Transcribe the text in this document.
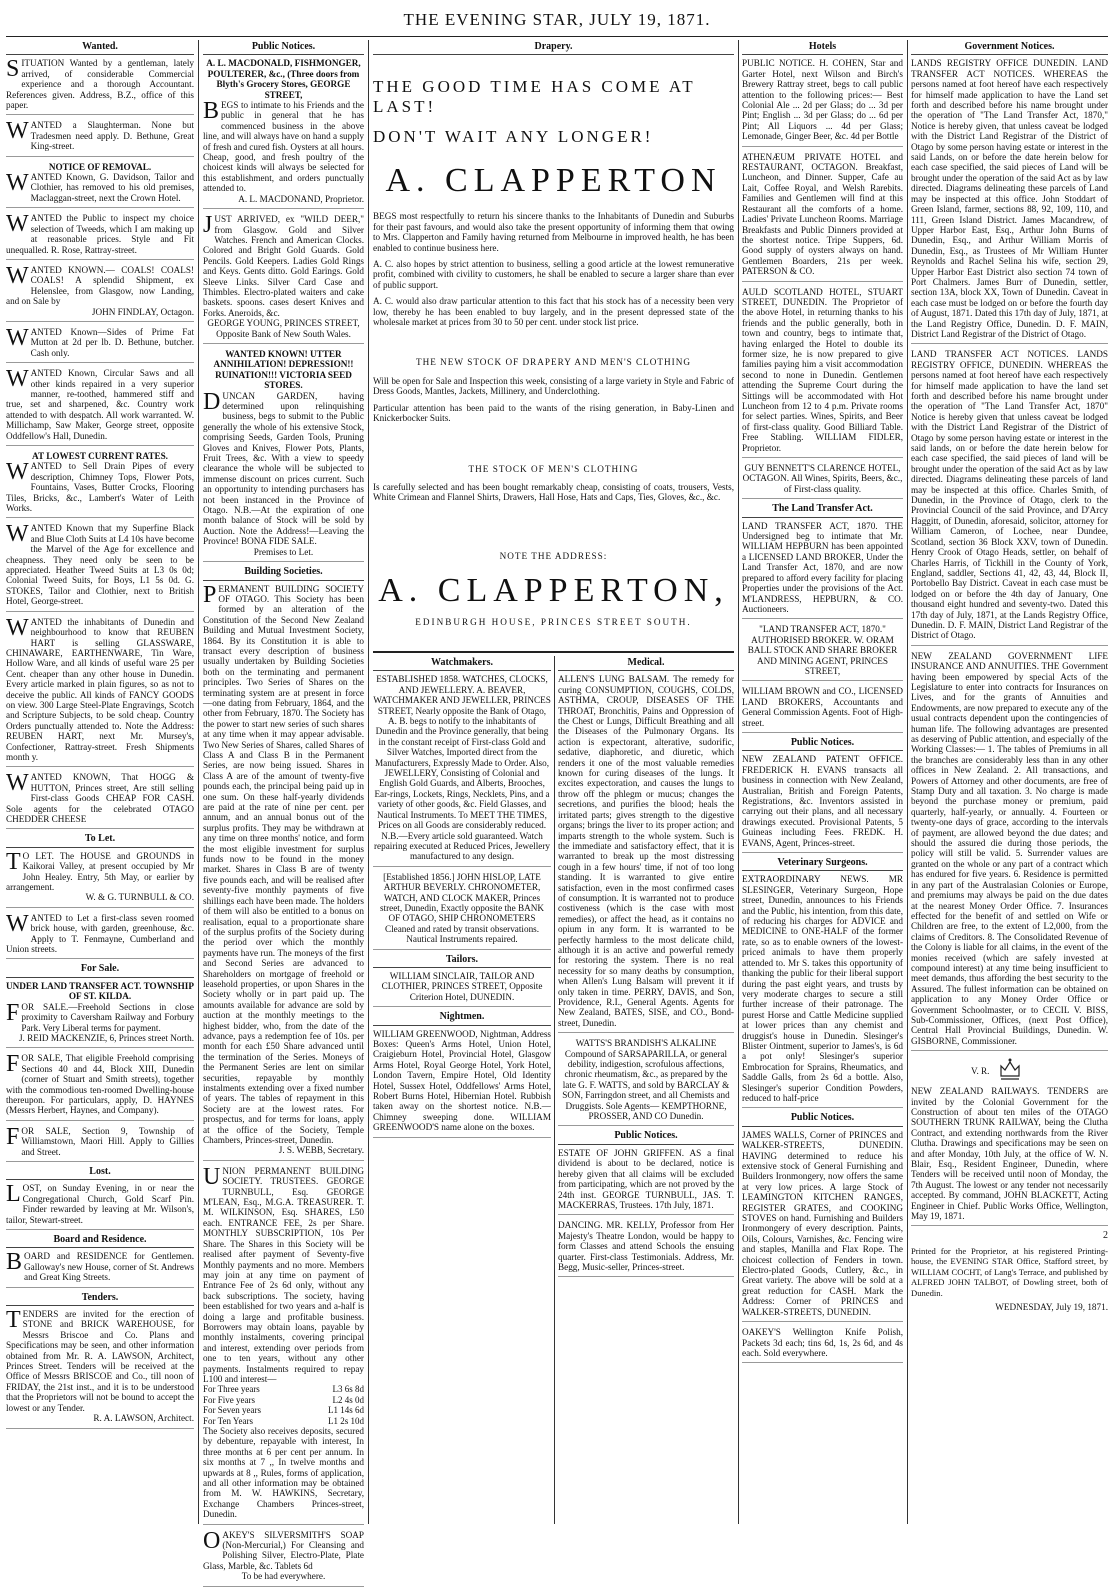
THE EVENING STAR, JULY 19, 1871.
Wanted.
SITUATION Wanted by a gentleman, lately arrived, of considerable Commercial experience and a thorough Accountant. References given. Address, B.Z., office of this paper.
WANTED a Slaughterman. None but Tradesmen need apply. D. Bethune, Great King-street.
NOTICE OF REMOVAL.
W ANTED Known, G. Davidson, Tailor and Clothier, has removed to his old premises, Maclaggan-street, next the Crown Hotel.
WANTED the Public to inspect my choice selection of Tweeds, which I am making up at reasonable prices. Style and Fit unequalled. R. Rose, Rattray-street.
WANTED KNOWN.— COALS! COALS! COALS! A splendid Shipment, ex Helenslee, from Glasgow, now Landing, and on Sale by
JOHN FINDLAY, Octagon.
WANTED Known—Sides of Prime Fat Mutton at 2d per lb. D. Bethune, butcher. Cash only.
WANTED Known, Circular Saws and all other kinds repaired in a very superior manner, re-toothed, hammered stiff and true, set and sharpened, &c. Country work attended to with despatch. All work warranted. W. Millichamp, Saw Maker, George street, opposite Oddfellow's Hall, Dunedin.
AT LOWEST CURRENT RATES.
W ANTED to Sell Drain Pipes of every description, Chimney Tops, Flower Pots, Fountains, Vases, Butter Crocks, Flooring Tiles, Bricks, &c., Lambert's Water of Leith Works.
WANTED Known that my Superfine Black and Blue Cloth Suits at L4 10s have become the Marvel of the Age for excellence and cheapness. They need only be seen to be appreciated. Heather Tweed Suits at L3 0s 0d; Colonial Tweed Suits, for Boys, L1 5s 0d. G. STOKES, Tailor and Clothier, next to British Hotel, George-street.
WANTED the inhabitants of Dunedin and neighbourhood to know that REUBEN HART is selling GLASSWARE, CHINAWARE, EARTHENWARE, Tin Ware, Hollow Ware, and all kinds of useful ware 25 per Cent. cheaper than any other house in Dunedin. Every article marked in plain figures, so as not to deceive the public. All kinds of FANCY GOODS on view. 300 Large Steel-Plate Engravings, Scotch and Scripture Subjects, to be sold cheap. Country Orders punctually attended to. Note the Address: REUBEN HART, next Mr. Mursey's, Confectioner, Rattray-street. Fresh Shipments month y.
WANTED KNOWN, That HOGG & HUTTON, Princes street, Are still selling First-class Goods CHEAP FOR CASH. Sole agents for the celebrated OTAGO CHEDDER CHEESE
To Let.
T O LET. The HOUSE and GROUNDS in Kaikorai Valley, at present occupied by Mr John Healey. Entry, 5th May, or earlier by arrangement.
W. & G. TURNBULL & CO.
WANTED to Let a first-class seven roomed brick house, with garden, greenhouse, &c. Apply to T. Fenmayne, Cumberland and Union streets.
For Sale.
UNDER LAND TRANSFER ACT. TOWNSHIP OF ST. KILDA.
F OR SALE.—Freehold Sections in close proximity to Caversham Railway and Forbury Park. Very Liberal terms for payment.
J. REID MACKENZIE, 6, Princes street North.
FOR SALE, That eligible Freehold comprising Sections 40 and 44, Block XIII, Dunedin (corner of Stuart and Smith streets), together with the commodious ten-roomed Dwelling-house thereupon. For particulars, apply, D. HAYNES (Messrs Herbert, Haynes, and Company).
FOR SALE, Section 9, Township of Williamstown, Maori Hill. Apply to Gillies and Street.
Lost.
LOST, on Sunday Evening, in or near the Congregational Church, Gold Scarf Pin. Finder rewarded by leaving at Mr. Wilson's, tailor, Stewart-street.
Board and Residence.
BOARD and RESIDENCE for Gentlemen. Galloway's new House, corner of St. Andrews and Great King Streets.
Tenders.
TENDERS are invited for the erection of STONE and BRICK WAREHOUSE, for Messrs Briscoe and Co. Plans and Specifications may be seen, and other information obtained from Mr. R. A. LAWSON, Architect, Princes Street. Tenders will be received at the Office of Messrs BRISCOE and Co., till noon of FRIDAY, the 21st inst., and it is to be understood that the Proprietors will not be bound to accept the lowest or any Tender.
R. A. LAWSON, Architect.
Public Notices.
A. L. MACDONALD, FISHMONGER, POULTERER, &c., (Three doors from Blyth's Grocery Stores, GEORGE STREET,
B EGS to intimate to his Friends and the public in general that he has commenced business in the above line, and will always have on hand a supply of fresh and cured fish. Oysters at all hours. Cheap, good, and fresh poultry of the choicest kinds will always be selected for this establishment, and orders punctually attended to.
A. L. MACDONAND, Proprietor.
JUST ARRIVED, ex "WILD DEER," from Glasgow. Gold and Silver Watches. French and American Clocks. Colored and Bright Gold Guards. Gold Pencils. Gold Keepers. Ladies Gold Rings and Keys. Gents ditto. Gold Earings. Gold Sleeve Links. Silver Card Case and Thimbles. Electro-plated waiters and cake baskets. spoons. cases desert Knives and Forks. Aneroids, &c.
GEORGE YOUNG, PRINCES STREET, Opposite Bank of New South Wales.
WANTED KNOWN! UTTER ANNIHILATION! DEPRESSION!! RUINATION!!! VICTORIA SEED STORES.
D UNCAN GARDEN, having determined upon relinquishing business, begs to submit to the Public generally the whole of his extensive Stock, comprising Seeds, Garden Tools, Pruning Gloves and Knives, Flower Pots, Plants, Fruit Trees, &c. With a view to speedy clearance the whole will be subjected to immense discount on prices current. Such an opportunity to intending purchasers has not been instanced in the Province of Otago. N.B.—At the expiration of one month balance of Stock will be sold by Auction. Note the Address!—Leaving the Province! BONA FIDE SALE.
Premises to Let.
Building Societies.
PERMANENT BUILDING SOCIETY OF OTAGO. This Society has been formed by an alteration of the Constitution of the Second New Zealand Building and Mutual Investment Society, 1864. By its Constitution it is able to transact every description of business usually undertaken by Building Societies both on the terminating and permanent principles. Two Series of Shares on the terminating system are at present in force—one dating from February, 1864, and the other from February, 1870. The Society has the power to start new series of such shares at any time when it may appear advisable. Two New Series of Shares, called Shares of Class A and Class B in the Permanent Series, are now being issued. Shares in Class A are of the amount of twenty-five pounds each, the principal being paid up in one sum. On these half-yearly dividends are paid at the rate of nine per cent. per annum, and an annual bonus out of the surplus profits. They may be withdrawn at any time on three months' notice, and form the most eligible investment for surplus funds now to be found in the money market. Shares in Class B are of twenty five pounds each, and will be realised after seventy-five monthly payments of five shillings each have been made. The holders of them will also be entitled to a bonus on realisation, equal to a proportionate share of the surplus profits of the Society during the period over which the monthly payments have run. The moneys of the first and Second Series are advanced to Shareholders on mortgage of freehold or leasehold properties, or upon Shares in the Society wholly or in part paid up. The amounts available for advance are sold by auction at the monthly meetings to the highest bidder, who, from the date of the advance, pays a redemption fee of 10s. per month for each £50 Share advanced until the termination of the Series. Moneys of the Permanent Series are lent on similar securities, repayable by monthly instalments extending over a fixed number of years. The tables of repayment in this Society are at the lowest rates. For prospectus, and for terms for loans, apply at the office of the Society, Temple Chambers, Princes-street, Dunedin.
J. S. WEBB, Secretary.
UNION PERMANENT BUILDING SOCIETY. TRUSTEES. GEORGE TURNBULL, Esq. GEORGE M'LEAN, Esq., M.G.A. TREASURER. T. M. WILKINSON, Esq. SHARES, L50 each. ENTRANCE FEE, 2s per Share. MONTHLY SUBSCRIPTION, 10s Per Share. The Shares in this Society will be realised after payment of Seventy-five Monthly payments and no more. Members may join at any time on payment of Entrance Fee of 2s 6d only, without any back subscriptions. The society, having been established for two years and a-half is doing a large and profitable business. Borrowers may obtain loans, payable by monthly instalments, covering principal and interest, extending over periods from one to ten years, without any other payments. Instalments required to repay L100 and interest—
For Three years	L3 6s 8d
For Five years	L2 4s 0d
For Seven years	L1 14s 6d
For Ten Years	L1 2s 10d
The Society also receives deposits, secured by debenture, repayable with interest, In three months at 6 per cent per annum. In six months at 7 ,, In twelve months and upwards at 8 ,, Rules, forms of application, and all other information may be obtained from M. W. HAWKINS, Secretary, Exchange Chambers Princes-street, Dunedin.
OAKEY'S SILVERSMITH'S SOAP (Non-Mercurial,) For Cleansing and Polishing Silver, Electro-Plate, Plate Glass, Marble, &c. Tablets 6d
To be had everywhere.
Drapery.
THE GOOD TIME HAS COME AT LAST!
DON'T WAIT ANY LONGER!
A. CLAPPERTON

BEGS most respectfully to return his sincere thanks to the Inhabitants of Dunedin and Suburbs for their past favours, and would also take the present opportunity of informing them that owing to Mrs. Clapperton and Family having returned from Melbourne in improved health, he has been enabled to continue business here.

A. C. also hopes by strict attention to business, selling a good article at the lowest remunerative profit, combined with civility to customers, he shall be enabled to secure a larger share than ever of public support.

A. C. would also draw particular attention to this fact that his stock has of a necessity been very low, thereby he has been enabled to buy largely, and in the present depressed state of the wholesale market at prices from 30 to 50 per cent. under stock list price.

THE NEW STOCK OF DRAPERY AND MEN'S CLOTHING

Will be open for Sale and Inspection this week, consisting of a large variety in Style and Fabric of Dress Goods, Mantles, Jackets, Millinery, and Underclothing.

Particular attention has been paid to the wants of the rising generation, in Baby-Linen and Knickerbocker Suits.

THE STOCK OF MEN'S CLOTHING

Is carefully selected and has been bought remarkably cheap, consisting of coats, trousers, Vests, White Crimean and Flannel Shirts, Drawers, Hall Hose, Hats and Caps, Ties, Gloves, &c., &c.

NOTE THE ADDRESS:
A. CLAPPERTON,
EDINBURGH HOUSE, PRINCES STREET SOUTH.
Watchmakers.
ESTABLISHED 1858. WATCHES, CLOCKS, AND JEWELLERY. A. BEAVER, WATCHMAKER AND JEWELLER, PRINCES STREET, Nearly opposite the Bank of Otago, A. B. begs to notify to the inhabitants of Dunedin and the Province generally, that being in the constant receipt of First-class Gold and Silver Watches, Imported direct from the Manufacturers, Expressly Made to Order. Also, JEWELLERY, Consisting of Colonial and English Gold Guards, and Alberts, Brooches, Ear-rings, Lockets, Rings, Necklets, Pins, and a variety of other goods, &c. Field Glasses, and Nautical Instruments. To MEET THE TIMES, Prices on all Goods are considerably reduced. N.B.—Every article sold guaranteed. Watch repairing executed at Reduced Prices, Jewellery manufactured to any design.
[Established 1856.] JOHN HISLOP, LATE ARTHUR BEVERLY. CHRONOMETER, WATCH, AND CLOCK MAKER, Princes street, Dunedin, Exactly opposite the BANK OF OTAGO, SHIP CHRONOMETERS Cleaned and rated by transit observations. Nautical Instruments repaired.
Tailors.
WILLIAM SINCLAIR, TAILOR AND CLOTHIER, PRINCES STREET, Opposite Criterion Hotel, DUNEDIN.
Nightmen.
WILLIAM GREENWOOD, Nightman, Address Boxes: Queen's Arms Hotel, Union Hotel, Craigieburn Hotel, Provincial Hotel, Glasgow Arms Hotel, Royal George Hotel, York Hotel, London Tavern, Empire Hotel, Old Identity Hotel, Sussex Hotel, Oddfellows' Arms Hotel, Robert Burns Hotel, Hibernian Hotel. Rubbish taken away on the shortest notice. N.B.—Chimney sweeping done. WILLIAM GREENWOOD'S name alone on the boxes.
Medical.
ALLEN'S LUNG BALSAM. The remedy for curing CONSUMPTION, COUGHS, COLDS, ASTHMA, CROUP, DISEASES OF THE THROAT, Bronchitis, Pains and Oppression of the Chest or Lungs, Difficult Breathing and all the Diseases of the Pulmonary Organs. Its action is expectorant, alterative, sudorific, sedative, diaphoretic, and diuretic, which renders it one of the most valuable remedies known for curing diseases of the lungs. It excites expectoration, and causes the lungs to throw off the phlegm or mucus; changes the secretions, and purifies the blood; heals the irritated parts; gives strength to the digestive organs; brings the liver to its proper action; and imparts strength to the whole system. Such is the immediate and satisfactory effect, that it is warranted to break up the most distressing cough in a few hours' time, if not of too long standing. It is warranted to give entire satisfaction, even in the most confirmed cases of consumption. It is warranted not to produce costiveness (which is the case with most remedies), or affect the head, as it contains no opium in any form. It is warranted to be perfectly harmless to the most delicate child, although it is an active and powerful remedy for restoring the system. There is no real necessity for so many deaths by consumption, when Allen's Lung Balsam will prevent it if only taken in time. PERRY, DAVIS, and Son, Providence, R.I., General Agents. Agents for New Zealand, BATES, SISE, and CO., Bond-street, Dunedin.
WATTS'S BRANDISH'S ALKALINE Compound of SARSAPARILLA, or general debility, indigestion, scrofulous affections, chronic rheumatism, &c., as prepared by the late G. F. WATTS, and sold by BARCLAY & SON, Farringdon street, and all Chemists and Druggists. Sole Agents— KEMPTHORNE, PROSSER, AND CO Dunedin.
Public Notices.
ESTATE OF JOHN GRIFFEN. AS a final dividend is about to be declared, notice is hereby given that all claims will be excluded from participating, which are not proved by the 24th inst. GEORGE TURNBULL, JAS. T. MACKERRAS, Trustees. 17th July, 1871.
DANCING. MR. KELLY, Professor from Her Majesty's Theatre London, would be happy to form Classes and attend Schools the ensuing quarter. First-class Testimonials. Address, Mr. Begg, Music-seller, Princes-street.
Hotels
PUBLIC NOTICE. H. COHEN, Star and Garter Hotel, next Wilson and Birch's Brewery Rattray street, begs to call public attention to the following prices:— Best Colonial Ale ... 2d per Glass; do ... 3d per Pint; English ... 3d per Glass; do ... 6d per Pint; All Liquors ... 4d per Glass; Lemonade, Ginger Beer, &c. 4d per Bottle
ATHENÆUM PRIVATE HOTEL and RESTAURANT, OCTAGON. Breakfast, Luncheon, and Dinner. Supper, Cafe au Lait, Coffee Royal, and Welsh Rarebits. Families and Gentlemen will find at this Restaurant all the comforts of a home. Ladies' Private Luncheon Rooms. Marriage Breakfasts and Public Dinners provided at the shortest notice. Tripe Suppers, 6d. Good supply of oysters always on hand. Gentlemen Boarders, 21s per week. PATERSON & CO.
AULD SCOTLAND HOTEL, STUART STREET, DUNEDIN. The Proprietor of the above Hotel, in returning thanks to his friends and the public generally, both in town and country, begs to intimate that, having enlarged the Hotel to double its former size, he is now prepared to give families paying him a visit accommodation second to none in Dunedin. Gentlemen attending the Supreme Court during the Sittings will be accommodated with Hot Luncheon from 12 to 4 p.m. Private rooms for select parties. Wines, Spirits, and Beer of first-class quality. Good Billiard Table. Free Stabling. WILLIAM FIDLER, Proprietor.
GUY BENNETT'S CLARENCE HOTEL, OCTAGON. All Wines, Spirits, Beers, &c., of First-class quality.
The Land Transfer Act.
LAND TRANSFER ACT, 1870. THE Undersigned beg to intimate that Mr. WILLIAM HEPBURN has been appointed a LICENSED LAND BROKER, Under the Land Transfer Act, 1870, and are now prepared to afford every facility for placing Properties under the provisions of the Act. M'LANDRESS, HEPBURN, & CO. Auctioneers.
"LAND TRANSFER ACT, 1870." AUTHORISED BROKER. W. ORAM BALL STOCK AND SHARE BROKER AND MINING AGENT, PRINCES STREET,
WILLIAM BROWN and CO., LICENSED LAND BROKERS, Accountants and General Commission Agents. Foot of High-street.
Public Notices.
NEW ZEALAND PATENT OFFICE. FREDERICK H. EVANS transacts all business in connection with New Zealand, Australian, British and Foreign Patents, Registrations, &c. Inventors assisted in carrying out their plans, and all necessary drawings executed. Provisional Patents, 5 Guineas including Fees. FREDK. H. EVANS, Agent, Princes-street.
Veterinary Surgeons.
EXTRAORDINARY NEWS. MR SLESINGER, Veterinary Surgeon, Hope street, Dunedin, announces to his Friends and the Public, his intention, from this date, of reducing his charges for ADVICE and MEDICINE to ONE-HALF of the former rate, so as to enable owners of the lowest-priced animals to have them properly attended to. Mr S. takes this opportunity of thanking the public for their liberal support during the past eight years, and trusts by very moderate charges to secure a still further increase of their patronage. The purest Horse and Cattle Medicine supplied at lower prices than any chemist and druggist's house in Dunedin. Slesinger's Blister Ointment, superior to James's, is 6d a pot only! Slesinger's superior Embrocation for Sprains, Rheumatics, and Saddle Galls, from 2s 6d a bottle. Also, Slesinger's superior Condition Powders, reduced to half-price
Public Notices.
JAMES WALLS, Corner of PRINCES and WALKER-STREETS, DUNEDIN. HAVING determined to reduce his extensive stock of General Furnishing and Builders Ironmongery, now offers the same at very low prices. A large Stock of LEAMINGTON KITCHEN RANGES, REGISTER GRATES, and COOKING STOVES on hand. Furnishing and Builders Ironmongery of every description. Paints, Oils, Colours, Varnishes, &c. Fencing wire and staples, Manilla and Flax Rope. The choicest collection of Fenders in town. Electro-plated Goods, Cutlery, &c., in Great variety. The above will be sold at a great reduction for CASH. Mark the Address: Corner of PRINCES and WALKER-STREETS, DUNEDIN.
OAKEY'S Wellington Knife Polish, Packets 3d each; tins 6d, 1s, 2s 6d, and 4s each. Sold everywhere.
Government Notices.
LANDS REGISTRY OFFICE DUNEDIN. LAND TRANSFER ACT NOTICES. WHEREAS the persons named at foot hereof have each respectively for himself made application to have the Land set forth and described before his name brought under the operation of "The Land Transfer Act, 1870," Notice is hereby given, that unless caveat be lodged with the District Land Registrar of the District of Otago by some person having estate or interest in the said Lands, on or before the date herein below for each case specified, the said pieces of Land will be brought under the operation of the said Act as by law directed. Diagrams delineating these parcels of Land may be inspected at this office. John Stoddart of Green Island, farmer, sections 88, 92, 109, 110, and 111, Green Island District. James Macandrew, of Upper Harbor East, Esq., Arthur John Burns of Dunedin, Esq., and Arthur William Morris of Dunedin, Esq., as Trustees of Mr William Hunter Reynolds and Rachel Selina his wife, section 29, Upper Harbor East District also section 74 town of Port Chalmers. James Burr of Dunedin, settler, section 13A, block XX, Town of Dunedin. Caveat in each case must be lodged on or before the fourth day of August, 1871. Dated this 17th day of July, 1871, at the Land Registry Office, Dunedin. D. F. MAIN, District Land Registrar of the District of Otago.
LAND TRANSFER ACT NOTICES. LANDS REGISTRY OFFICE, DUNEDIN. WHEREAS the persons named at foot hereof have each respectively for himself made application to have the land set forth and described before his name brought under the operation of "The Land Transfer Act, 1870" Notice is hereby given that unless caveat be lodged with the District Land Registrar of the District of Otago by some person having estate or interest in the said lands, on or before the date herein below for each case specified, the said pieces of land will be brought under the operation of the said Act as by law directed. Diagrams delineating these parcels of land may be inspected at this office. Charles Smith, of Dunedin, in the Province of Otago, clerk to the Provincial Council of the said Province, and D'Arcy Haggitt, of Dunedin, aforesaid, solicitor, attorney for William Cameron, of Lochee, near Dundee, Scotland, section 36 Block XXV, town of Dunedin. Henry Crook of Otago Heads, settler, on behalf of Charles Harris, of Tickhill in the County of York, England, saddler, Sections 41, 42, 43, 44, Block II, Portobello Bay District. Caveat in each case must be lodged on or before the 4th day of January, One thousand eight hundred and seventy-two. Dated this 17th day of July, 1871, at the Lands Registry Office, Dunedin. D. F. MAIN, District Land Registrar of the District of Otago.
NEW ZEALAND GOVERNMENT LIFE INSURANCE AND ANNUITIES. THE Government having been empowered by special Acts of the Legislature to enter into contracts for Insurances on Lives, and for the grants of Annuities and Endowments, are now prepared to execute any of the usual contracts dependent upon the contingencies of human life. The following advantages are presented as deserving of Public attention, and especially of the Working Classes:— 1. The tables of Premiums in all the branches are considerably less than in any other offices in New Zealand. 2. All transactions, and Powers of Attorney and other documents, are free of Stamp Duty and all taxation. 3. No charge is made beyond the purchase money or premium, paid quarterly, half-yearly, or annually. 4. Fourteen or twenty-one days of grace, according to the intervals of payment, are allowed beyond the due dates; and should the assured die during those periods, the policy will still be valid. 5. Surrender values are granted on the whole or any part of a contract which has endured for five years. 6. Residence is permitted in any part of the Australasian Colonies or Europe, and premiums may always be paid on the due dates at the nearest Money Order Office. 7. Insurances effected for the benefit of and settled on Wife or Children are free, to the extent of L2,000, from the claims of Creditors. 8. The Consolidated Revenue of the Colony is liable for all claims, in the event of the monies received (which are safely invested at compound interest) at any time being insufficient to meet demands, thus affording the best security to the Assured. The fullest information can be obtained on application to any Money Order Office or Government Schoolmaster, or to CECIL V. BISS, Sub-Commissioner, Offices, (next Post Office), Central Hall Provincial Buildings, Dunedin. W. GISBORNE, Commissioner.
V. R.
NEW ZEALAND RAILWAYS. TENDERS are invited by the Colonial Government for the Construction of about ten miles of the OTAGO SOUTHERN TRUNK RAILWAY, being the Clutha Contract, and extending northwards from the River Clutha. Drawings and specifications may be seen on and after Monday, 10th July, at the office of W. N. Blair, Esq., Resident Engineer, Dunedin, where Tenders will be received until noon of Monday, the 7th August. The lowest or any tender not necessarily accepted. By command, JOHN BLACKETT, Acting Engineer in Chief. Public Works Office, Wellington, May 19, 1871.
2
Printed for the Proprietor, at his registered Printing-house, the EVENING STAR Office, Stafford street, by WILLIAM COCHT, of Lang's Terrace, and published by ALFRED JOHN TALBOT, of Dowling street, both of Dunedin.
WEDNESDAY, July 19, 1871.
